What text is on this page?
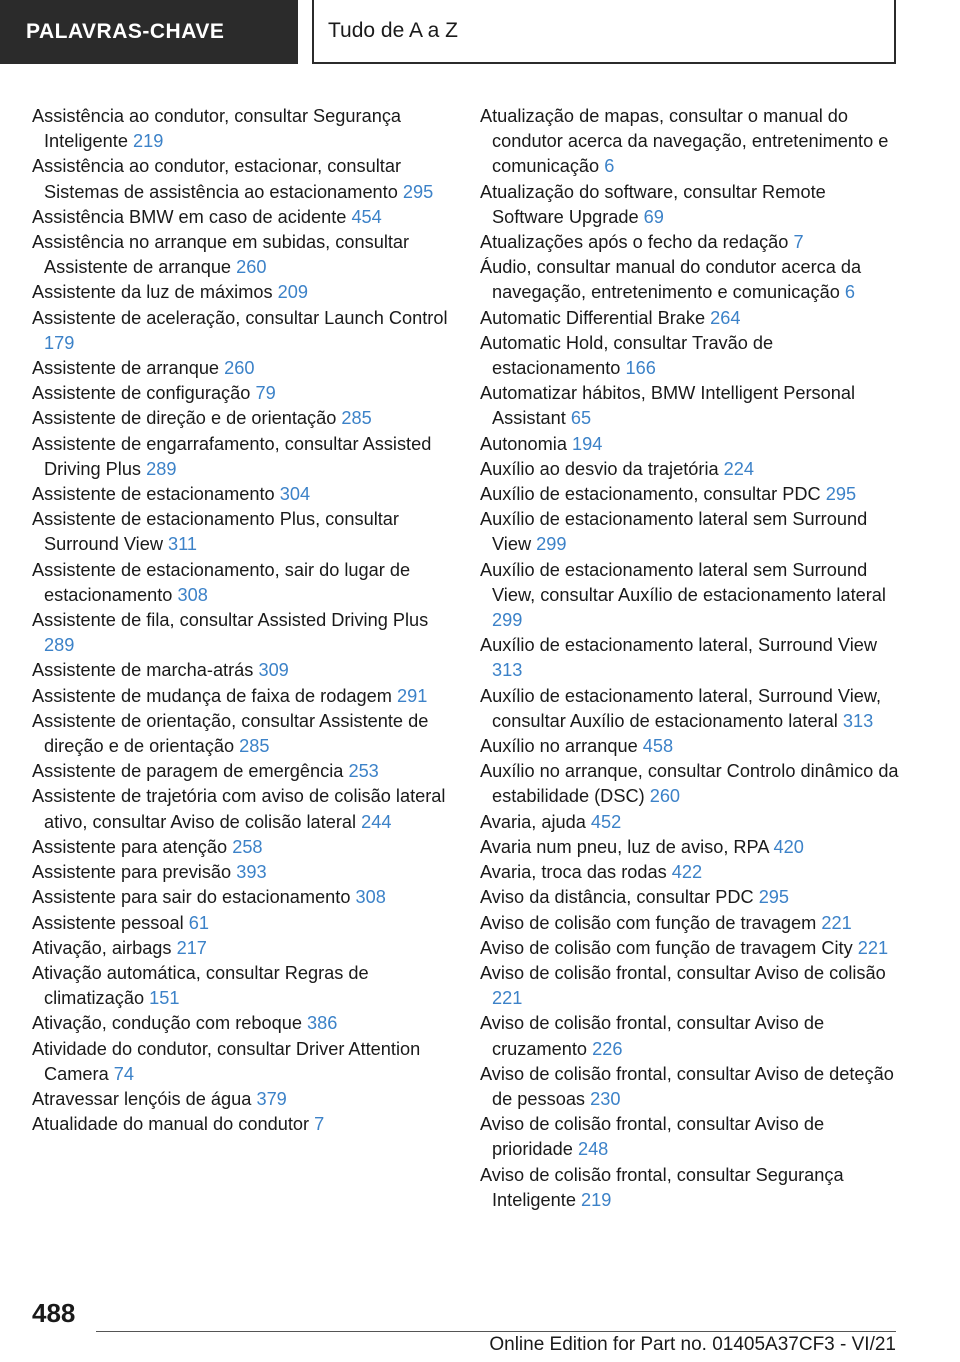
PALAVRAS-CHAVE	Tudo de A a Z
Assistência ao condutor, consultar Segurança Inteligente 219
Assistência ao condutor, estacionar, consultar Sistemas de assistência ao estacionamento 295
Assistência BMW em caso de acidente 454
Assistência no arranque em subidas, consultar Assistente de arranque 260
Assistente da luz de máximos 209
Assistente de aceleração, consultar Launch Control 179
Assistente de arranque 260
Assistente de configuração 79
Assistente de direção e de orientação 285
Assistente de engarrafamento, consultar Assisted Driving Plus 289
Assistente de estacionamento 304
Assistente de estacionamento Plus, consultar Surround View 311
Assistente de estacionamento, sair do lugar de estacionamento 308
Assistente de fila, consultar Assisted Driving Plus 289
Assistente de marcha-atrás 309
Assistente de mudança de faixa de rodagem 291
Assistente de orientação, consultar Assistente de direção e de orientação 285
Assistente de paragem de emergência 253
Assistente de trajetória com aviso de colisão lateral ativo, consultar Aviso de colisão lateral 244
Assistente para atenção 258
Assistente para previsão 393
Assistente para sair do estacionamento 308
Assistente pessoal 61
Ativação, airbags 217
Ativação automática, consultar Regras de climatização 151
Ativação, condução com reboque 386
Atividade do condutor, consultar Driver Attention Camera 74
Atravessar lençóis de água 379
Atualidade do manual do condutor 7
Atualização de mapas, consultar o manual do condutor acerca da navegação, entretenimento e comunicação 6
Atualização do software, consultar Remote Software Upgrade 69
Atualizações após o fecho da redação 7
Áudio, consultar manual do condutor acerca da navegação, entretenimento e comunicação 6
Automatic Differential Brake 264
Automatic Hold, consultar Travão de estacionamento 166
Automatizar hábitos, BMW Intelligent Personal Assistant 65
Autonomia 194
Auxílio ao desvio da trajetória 224
Auxílio de estacionamento, consultar PDC 295
Auxílio de estacionamento lateral sem Surround View 299
Auxílio de estacionamento lateral sem Surround View, consultar Auxílio de estacionamento lateral 299
Auxílio de estacionamento lateral, Surround View 313
Auxílio de estacionamento lateral, Surround View, consultar Auxílio de estacionamento lateral 313
Auxílio no arranque 458
Auxílio no arranque, consultar Controlo dinâmico da estabilidade (DSC) 260
Avaria, ajuda 452
Avaria num pneu, luz de aviso, RPA 420
Avaria, troca das rodas 422
Aviso da distância, consultar PDC 295
Aviso de colisão com função de travagem 221
Aviso de colisão com função de travagem City 221
Aviso de colisão frontal, consultar Aviso de colisão 221
Aviso de colisão frontal, consultar Aviso de cruzamento 226
Aviso de colisão frontal, consultar Aviso de deteção de pessoas 230
Aviso de colisão frontal, consultar Aviso de prioridade 248
Aviso de colisão frontal, consultar Segurança Inteligente 219
488
Online Edition for Part no. 01405A37CF3 - VI/21
